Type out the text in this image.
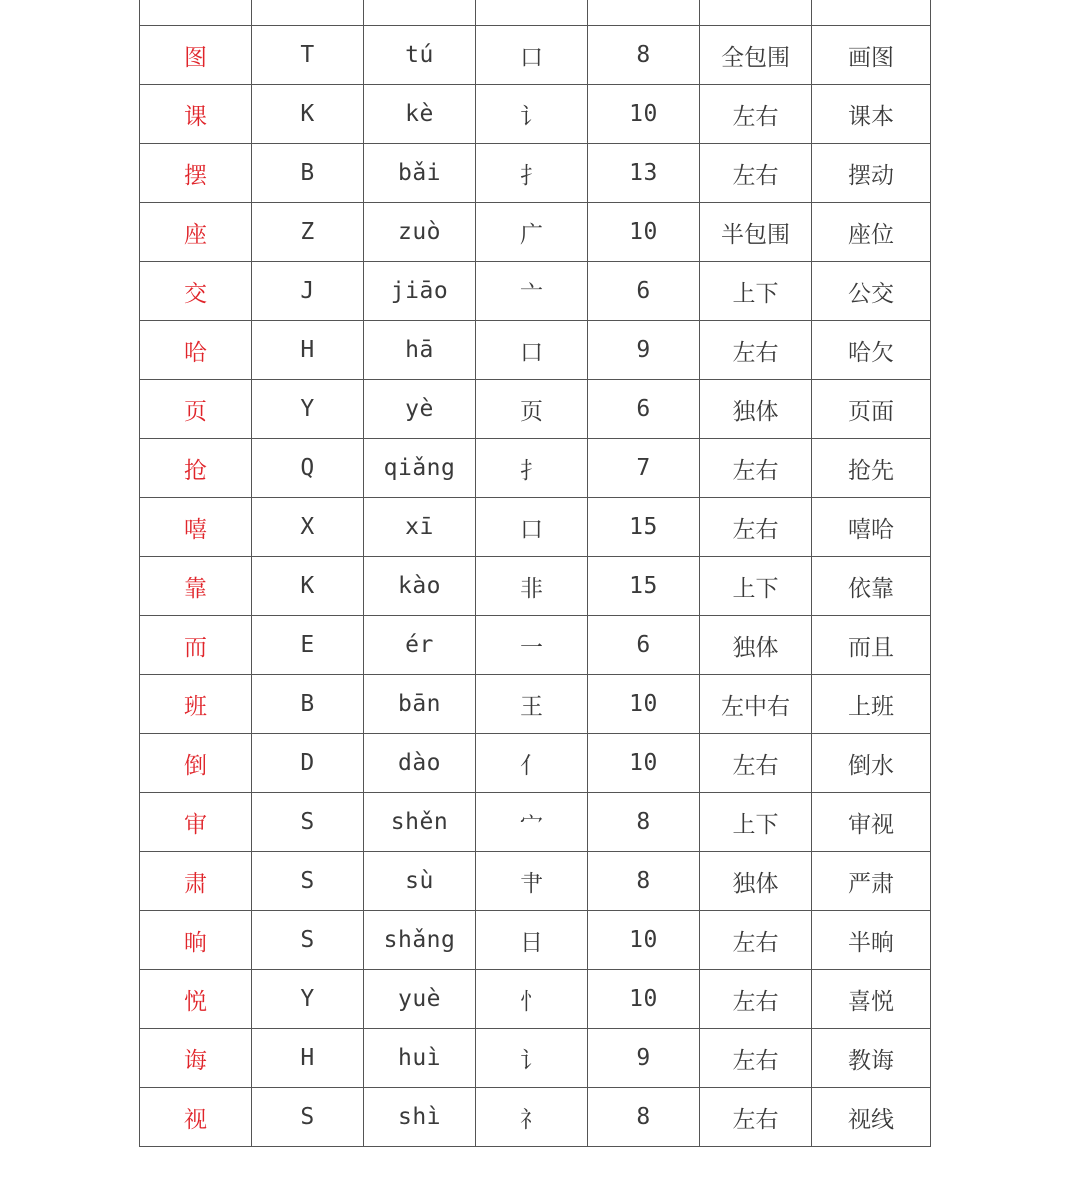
图	T	tú	口	8	全包围	画图
课	K	kè	讠	10	左右	课本
摆	B	bǎi	扌	13	左右	摆动
座	Z	zuò	广	10	半包围	座位
交	J	jiāo	亠	6	上下	公交
哈	H	hā	口	9	左右	哈欠
页	Y	yè	页	6	独体	页面
抢	Q	qiǎng	扌	7	左右	抢先
嘻	X	xī	口	15	左右	嘻哈
靠	K	kào	非	15	上下	依靠
而	E	ér	一	6	独体	而且
班	B	bān	王	10	左中右	上班
倒	D	dào	亻	10	左右	倒水
审	S	shěn	宀	8	上下	审视
肃	S	sù	肀	8	独体	严肃
晌	S	shǎng	日	10	左右	半晌
悦	Y	yuè	忄	10	左右	喜悦
诲	H	huì	讠	9	左右	教诲
视	S	shì	礻	8	左右	视线
